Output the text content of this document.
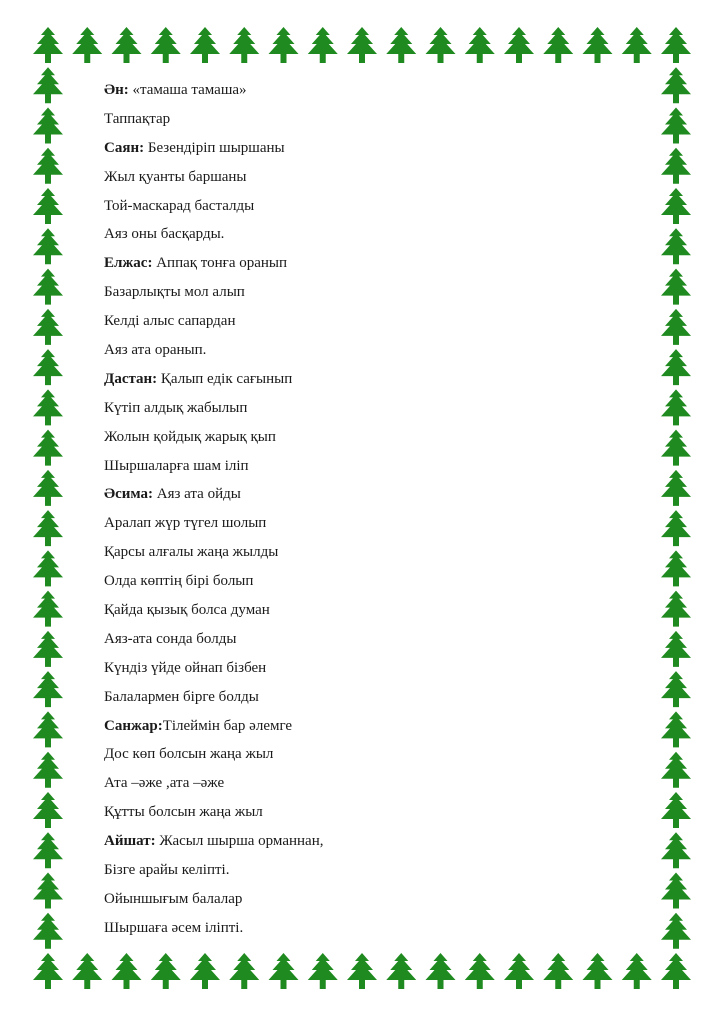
Ән: «тамаша тамаша»
Таппақтар
Саян: Безендіріп шыршаны
Жыл қуанты баршаны
Той-маскарад басталды
Аяз оны басқарды.
Елжас: Аппақ тонға оранып
Базарлықты мол алып
Келді алыс сапардан
Аяз ата оранып.
Дастан: Қалып едік сағынып
Күтіп алдық жабылып
Жолын қойдық жарық қып
Шыршаларға шам іліп
Әсима: Аяз ата ойды
Аралап жүр түгел шолып
Қарсы алғалы жаңа жылды
Олда көптің бірі болып
Қайда қызық болса думан
Аяз-ата сонда болды
Күндіз үйде ойнап бізбен
Балалармен бірге болды
Санжар:Тілеймін бар әлемге
Дос көп болсын жаңа жыл
Ата –әже ,ата –әже
Құтты болсын жаңа жыл
Айшат: Жасыл шырша орманнан,
Бізге арайы келіпті.
Ойыншығым балалар
Шыршаға әсем іліпті.
